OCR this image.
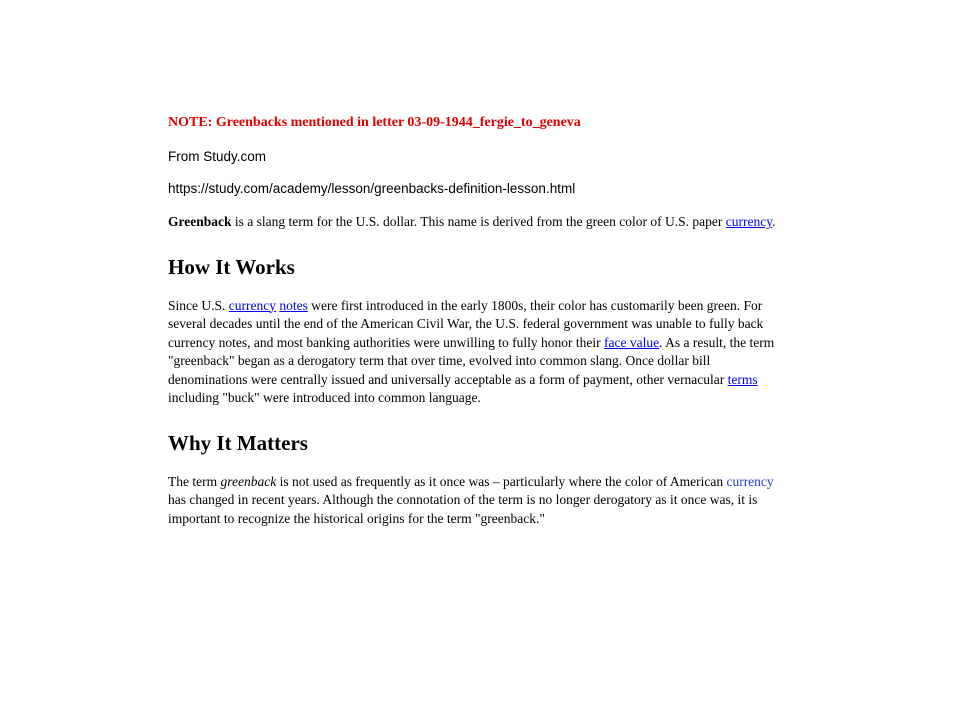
NOTE: Greenbacks mentioned in letter 03-09-1944_fergie_to_geneva

From Study.com

https://study.com/academy/lesson/greenbacks-definition-lesson.html

Greenback is a slang term for the U.S. dollar. This name is derived from the green color of U.S. paper currency.

How It Works

Since U.S. currency notes were first introduced in the early 1800s, their color has customarily been green. For several decades until the end of the American Civil War, the U.S. federal government was unable to fully back currency notes, and most banking authorities were unwilling to fully honor their face value. As a result, the term "greenback" began as a derogatory term that over time, evolved into common slang. Once dollar bill denominations were centrally issued and universally acceptable as a form of payment, other vernacular terms including "buck" were introduced into common language.

Why It Matters

The term greenback is not used as frequently as it once was – particularly where the color of American currency has changed in recent years. Although the connotation of the term is no longer derogatory as it once was, it is important to recognize the historical origins for the term "greenback."
